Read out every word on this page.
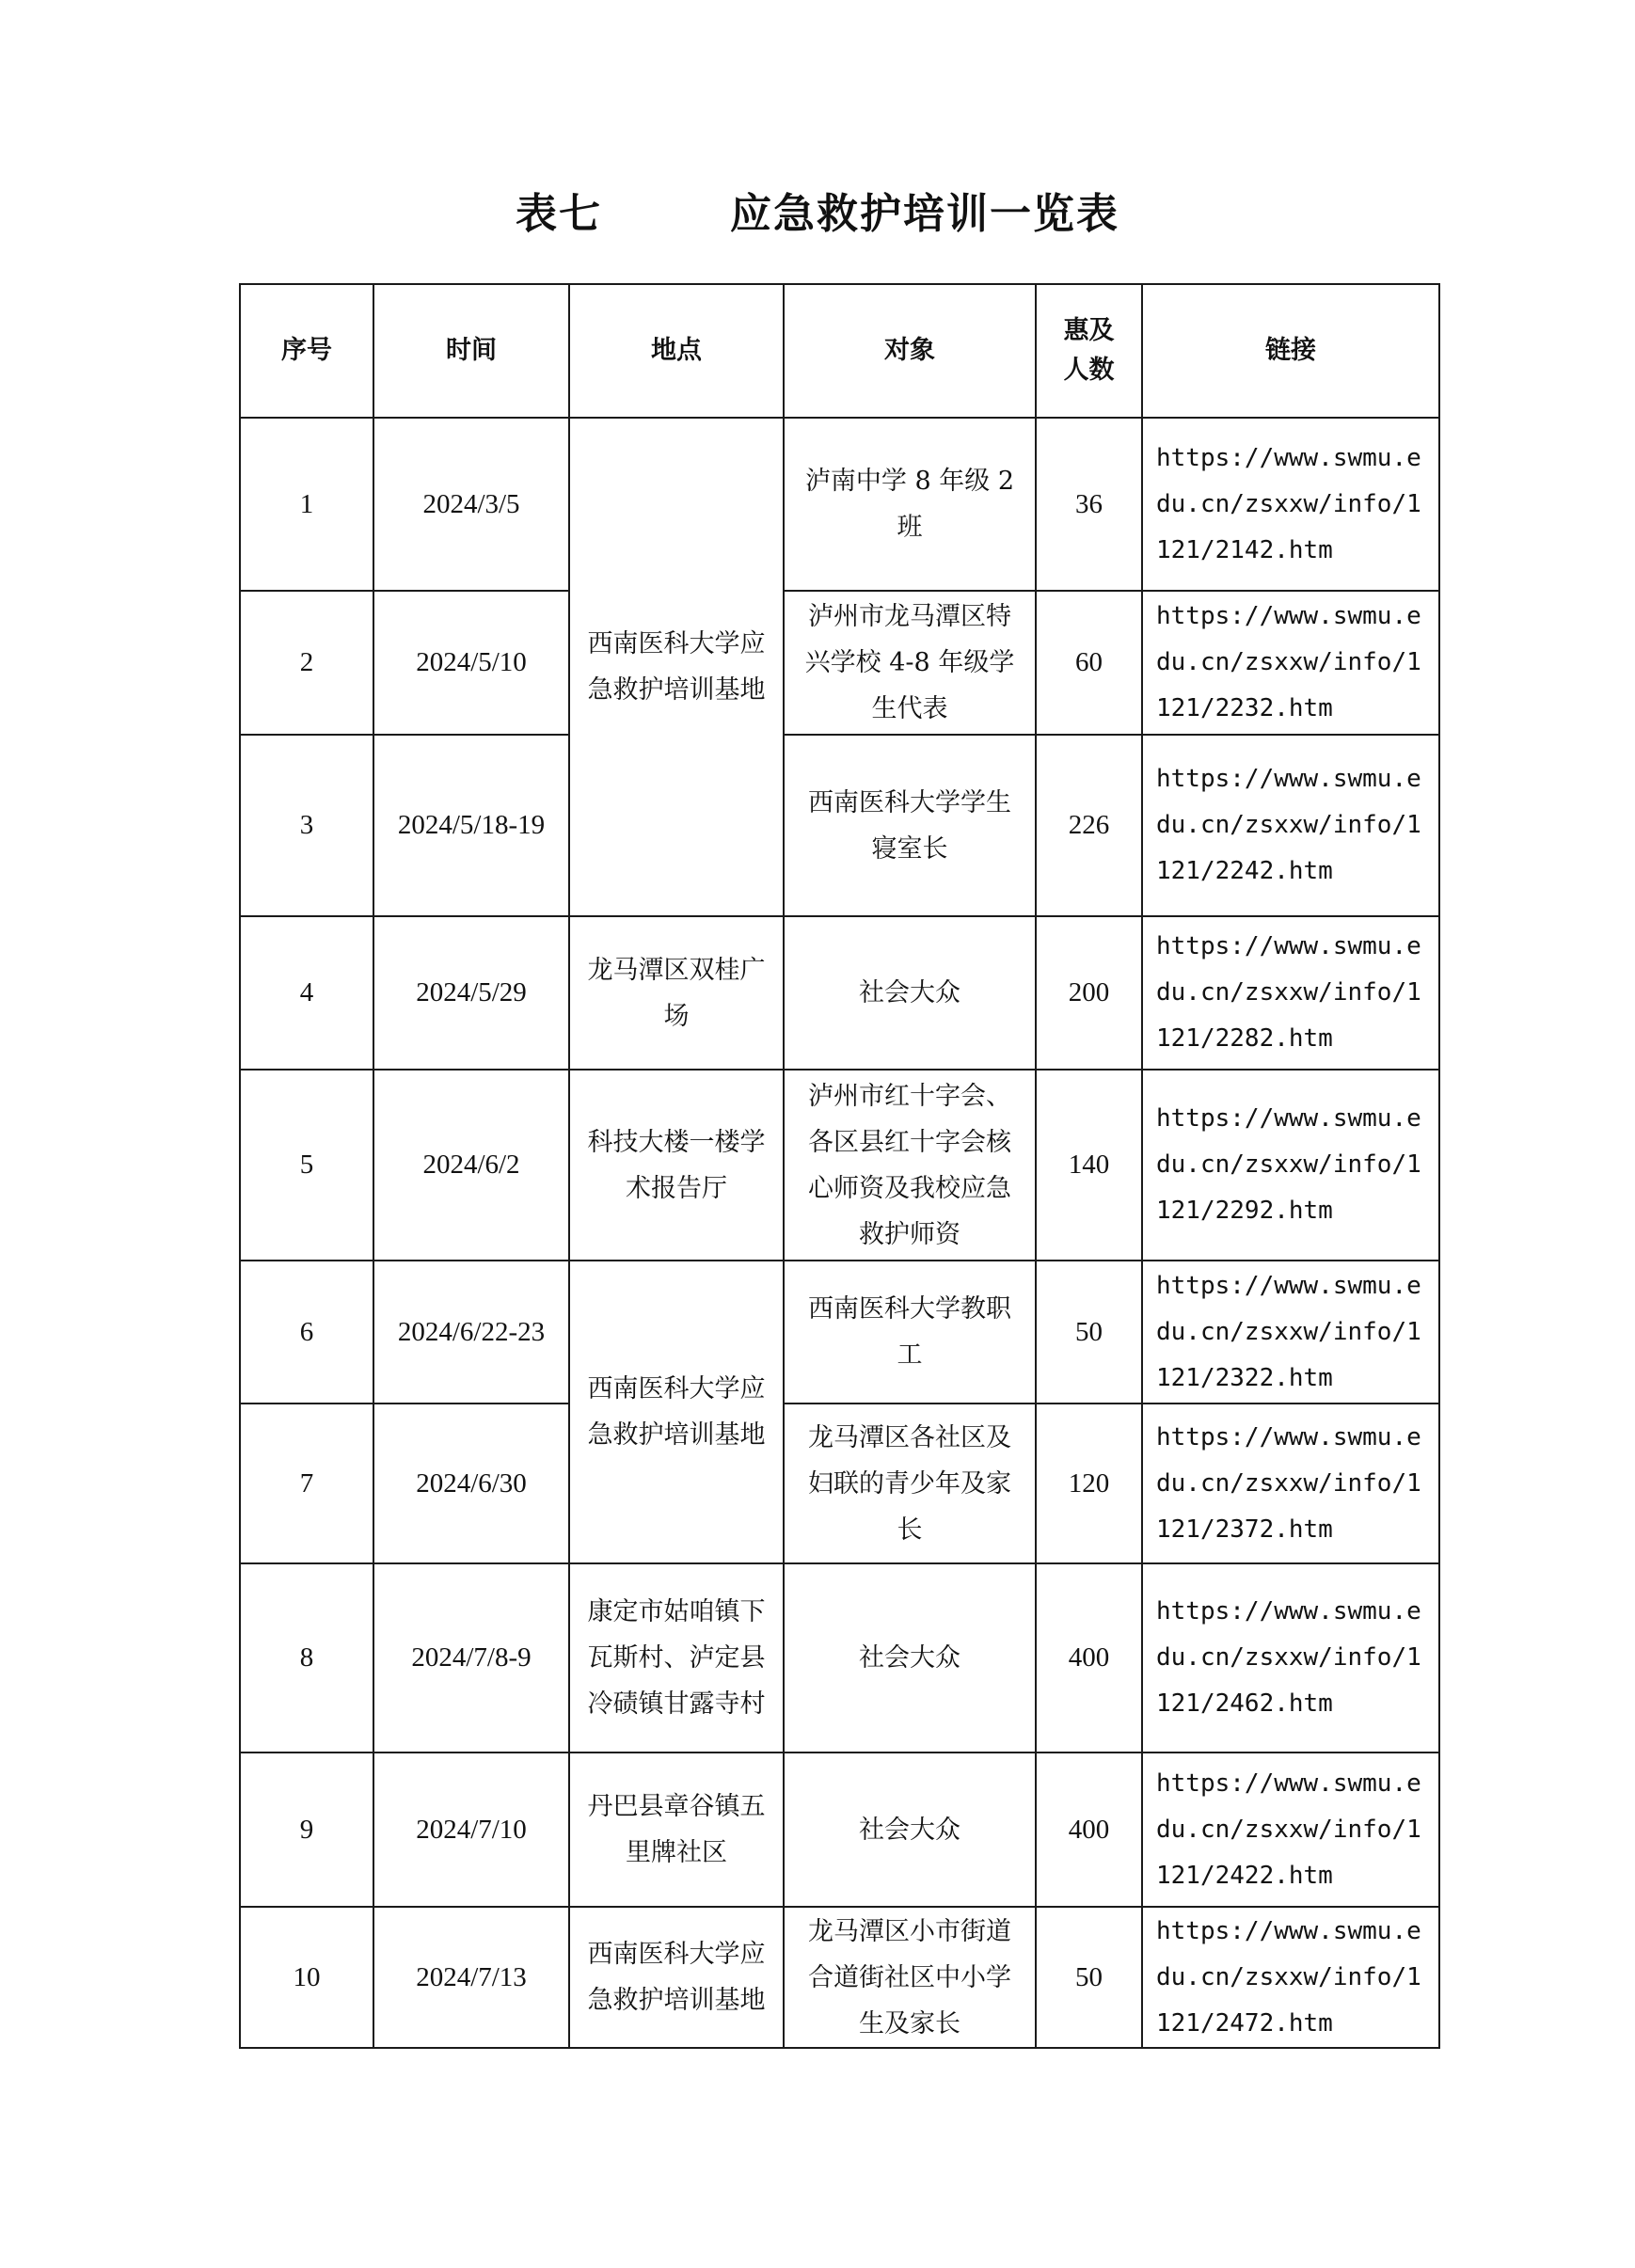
表七   应急救护培训一览表
序号	时间	地点	对象	惠及人数	链接
1	2024/3/5	西南医科大学应急救护培训基地	泸南中学 8 年级 2 班	36	https://www.swmu.edu.cn/zsxxw/info/1121/2142.htm
2	2024/5/10		泸州市龙马潭区特兴学校 4-8 年级学生代表	60	https://www.swmu.edu.cn/zsxxw/info/1121/2232.htm
3	2024/5/18-19		西南医科大学学生寝室长	226	https://www.swmu.edu.cn/zsxxw/info/1121/2242.htm
4	2024/5/29	龙马潭区双桂广场	社会大众	200	https://www.swmu.edu.cn/zsxxw/info/1121/2282.htm
5	2024/6/2	科技大楼一楼学术报告厅	泸州市红十字会、各区县红十字会核心师资及我校应急救护师资	140	https://www.swmu.edu.cn/zsxxw/info/1121/2292.htm
6	2024/6/22-23	西南医科大学应急救护培训基地	西南医科大学教职工	50	https://www.swmu.edu.cn/zsxxw/info/1121/2322.htm
7	2024/6/30		龙马潭区各社区及妇联的青少年及家长	120	https://www.swmu.edu.cn/zsxxw/info/1121/2372.htm
8	2024/7/8-9	康定市姑咱镇下瓦斯村、泸定县冷碛镇甘露寺村	社会大众	400	https://www.swmu.edu.cn/zsxxw/info/1121/2462.htm
9	2024/7/10	丹巴县章谷镇五里牌社区	社会大众	400	https://www.swmu.edu.cn/zsxxw/info/1121/2422.htm
10	2024/7/13	西南医科大学应急救护培训基地	龙马潭区小市街道合道街社区中小学生及家长	50	https://www.swmu.edu.cn/zsxxw/info/1121/2472.htm
